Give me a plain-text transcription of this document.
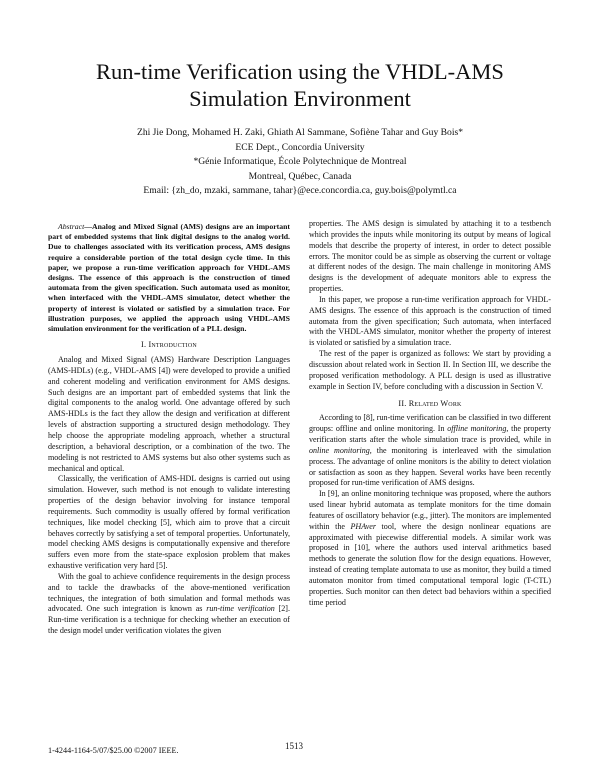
Run-time Verification using the VHDL-AMS
Simulation Environment
Zhi Jie Dong, Mohamed H. Zaki, Ghiath Al Sammane, Sofiène Tahar and Guy Bois*
ECE Dept., Concordia University
*Génie Informatique, École Polytechnique de Montreal
Montreal, Québec, Canada
Email: {zh_do, mzaki, sammane, tahar}@ece.concordia.ca, guy.bois@polymtl.ca

Abstract—Analog and Mixed Signal (AMS) designs are an important part of embedded systems that link digital designs to the analog world. Due to challenges associated with its verification process, AMS designs require a considerable portion of the total design cycle time. In this paper, we propose a run-time verification approach for VHDL-AMS designs. The essence of this approach is the construction of timed automata from the given specification. Such automata used as monitor, when interfaced with the VHDL-AMS simulator, detect whether the property of interest is violated or satisfied by a simulation trace. For illustration purposes, we applied the approach using VHDL-AMS simulation environment for the verification of a PLL design.

I. Introduction

Analog and Mixed Signal (AMS) Hardware Description Languages (AMS-HDLs) (e.g., VHDL-AMS [4]) were developed to provide a unified and coherent modeling and verification environment for AMS designs. Such designs are an important part of embedded systems that link the digital components to the analog world. One advantage offered by such AMS-HDLs is the fact they allow the design and verification at different levels of abstraction supporting a structured design methodology. They help choose the appropriate modeling approach, whether a structural description, a behavioral description, or a combination of the two. The modeling is not restricted to AMS systems but also other systems such as mechanical and optical.

Classically, the verification of AMS-HDL designs is carried out using simulation. However, such method is not enough to validate interesting properties of the design behavior involving for instance temporal requirements. Such commodity is usually offered by formal verification techniques, like model checking [5], which aim to prove that a circuit behaves correctly by satisfying a set of temporal properties. Unfortunately, model checking AMS designs is computationally expensive and therefore suffers even more from the state-space explosion problem that makes exhaustive verification very hard [5].

With the goal to achieve confidence requirements in the design process and to tackle the drawbacks of the above-mentioned verification techniques, the integration of both simulation and formal methods was advocated. One such integration is known as run-time verification [2]. Run-time verification is a technique for checking whether an execution of the design model under verification violates the given

properties. The AMS design is simulated by attaching it to a testbench which provides the inputs while monitoring its output by means of logical models that describe the property of interest, in order to detect possible errors. The monitor could be as simple as observing the current or voltage at different nodes of the design. The main challenge in monitoring AMS designs is the development of adequate monitors able to express the properties.

In this paper, we propose a run-time verification approach for VHDL-AMS designs. The essence of this approach is the construction of timed automata from the given specification; Such automata, when interfaced with the VHDL-AMS simulator, monitor whether the property of interest is violated or satisfied by a simulation trace.

The rest of the paper is organized as follows: We start by providing a discussion about related work in Section II. In Section III, we describe the proposed verification methodology. A PLL design is used as illustrative example in Section IV, before concluding with a discussion in Section V.

II. Related Work

According to [8], run-time verification can be classified in two different groups: offline and online monitoring. In offline monitoring, the property verification starts after the whole simulation trace is provided, while in online monitoring, the monitoring is interleaved with the simulation process. The advantage of online monitors is the ability to detect violation or satisfaction as soon as they happen. Several works have been recently proposed for run-time verification of AMS designs.

In [9], an online monitoring technique was proposed, where the authors used linear hybrid automata as template monitors for the time domain features of oscillatory behavior (e.g., jitter). The monitors are implemented within the PHAver tool, where the design nonlinear equations are approximated with piecewise differential models. A similar work was proposed in [10], where the authors used interval arithmetics based methods to generate the solution flow for the design equations. However, instead of creating template automata to use as monitor, they build a timed automaton monitor from timed computational temporal logic (T-CTL) properties. Such monitor can then detect bad behaviors within a specified time period

1-4244-1164-5/07/$25.00 ©2007 IEEE.	1513
